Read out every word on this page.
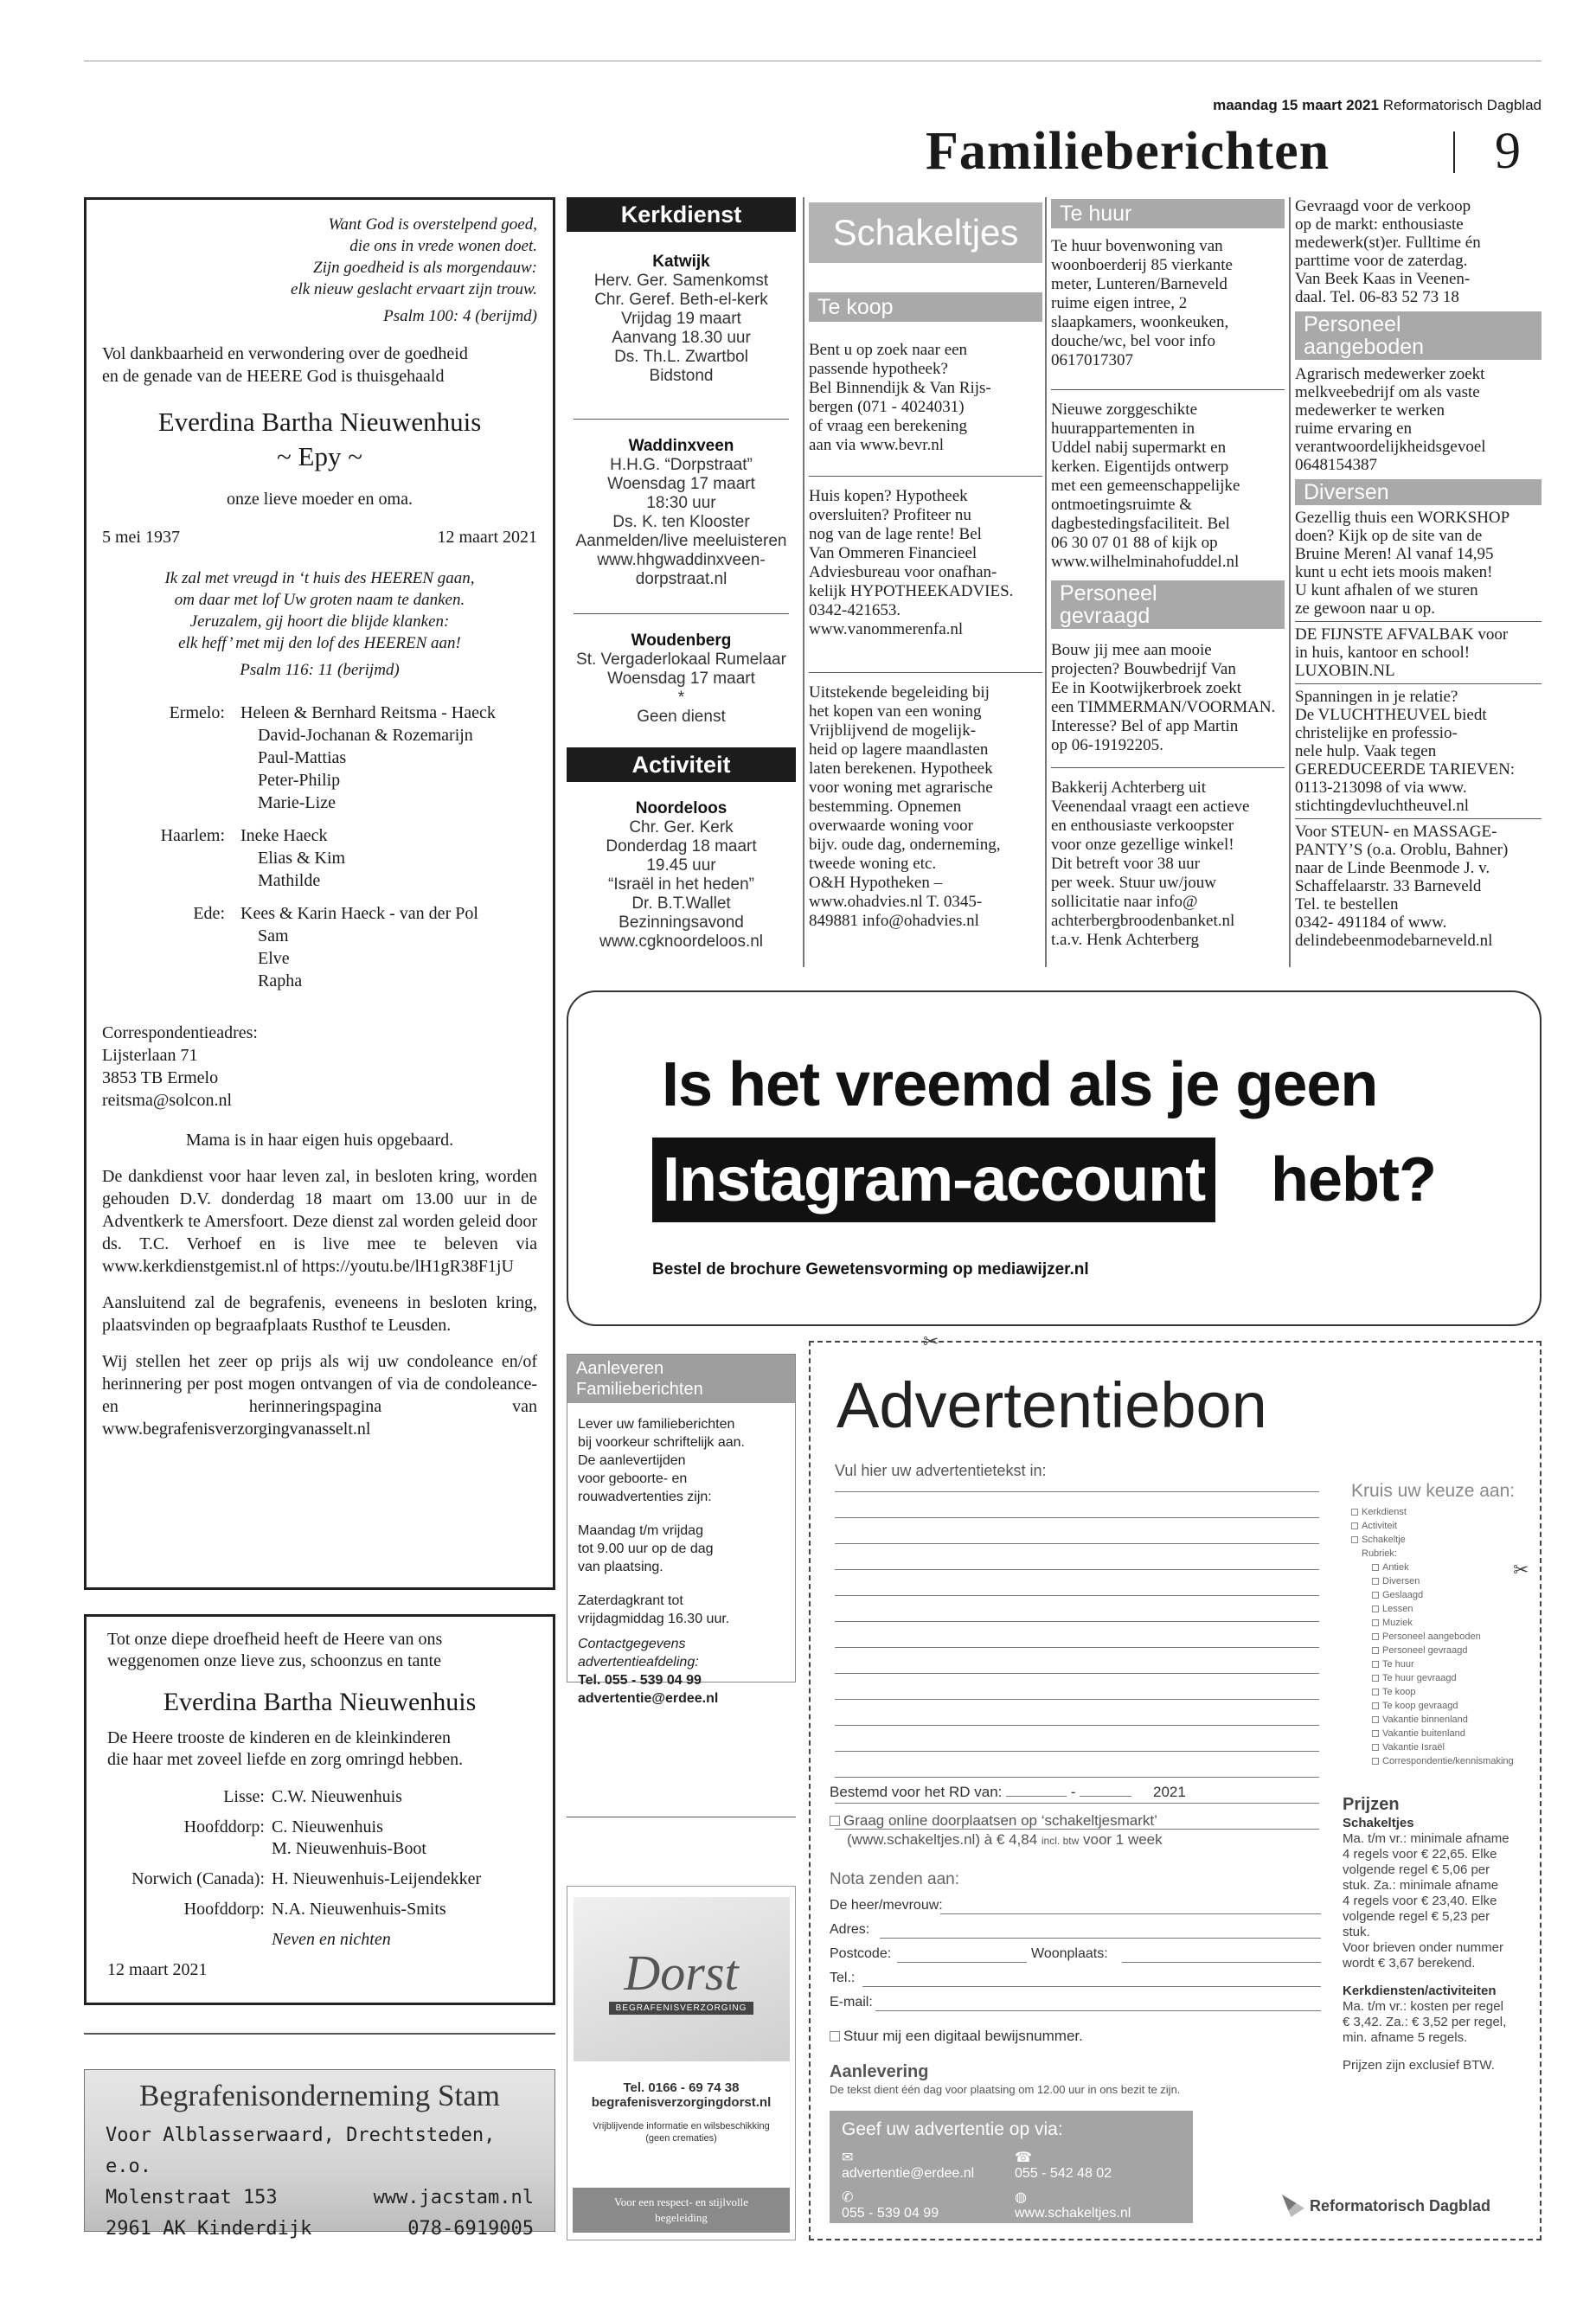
maandag 15 maart 2021 Reformatorisch Dagblad
Familieberichten	9
Want God is overstelpend goed,
die ons in vrede wonen doet.
Zijn goedheid is als morgendauw:
elk nieuw geslacht ervaart zijn trouw.
Psalm 100: 4 (berijmd)
Vol dankbaarheid en verwondering over de goedheid
en de genade van de HEERE God is thuisgehaald
Everdina Bartha Nieuwenhuis
~ Epy ~
onze lieve moeder en oma.
5 mei 1937	12 maart 2021
Ik zal met vreugd in ‘t huis des HEEREN gaan,
om daar met lof Uw groten naam te danken.
Jeruzalem, gij hoort die blijde klanken:
elk heff’ met mij den lof des HEEREN aan!
Psalm 116: 11 (berijmd)
Ermelo: Heleen & Bernhard Reitsma - Haeck
David-Jochanan & Rozemarijn
Paul-Mattias
Peter-Philip
Marie-Lize
Haarlem: Ineke Haeck
Elias & Kim
Mathilde
Ede: Kees & Karin Haeck - van der Pol
Sam
Elve
Rapha
Correspondentieadres:
Lijsterlaan 71
3853 TB Ermelo
reitsma@solcon.nl
Mama is in haar eigen huis opgebaard.
De dankdienst voor haar leven zal, in besloten kring, worden gehouden D.V. donderdag 18 maart om 13.00 uur in de Adventkerk te Amersfoort. Deze dienst zal worden geleid door ds. T.C. Verhoef en is live mee te beleven via www.kerkdienstgemist.nl of https://youtu.be/lH1gR38F1jU
Aansluitend zal de begrafenis, eveneens in besloten kring, plaatsvinden op begraafplaats Rusthof te Leusden.
Wij stellen het zeer op prijs als wij uw condoleance en/of herinnering per post mogen ontvangen of via de condoleance- en herinneringspagina van www.begrafenisverzorgingvanasselt.nl
Tot onze diepe droefheid heeft de Heere van ons
weggenomen onze lieve zus, schoonzus en tante
Everdina Bartha Nieuwenhuis
De Heere trooste de kinderen en de kleinkinderen
die haar met zoveel liefde en zorg omringd hebben.
Lisse: C.W. Nieuwenhuis
Hoofddorp: C. Nieuwenhuis
M. Nieuwenhuis-Boot
Norwich (Canada): H. Nieuwenhuis-Leijendekker
Hoofddorp: N.A. Nieuwenhuis-Smits
Neven en nichten
12 maart 2021
Begrafenisonderneming Stam
Voor Alblasserwaard, Drechtsteden, e.o.
Molenstraat 153	www.jacstam.nl
2961 AK Kinderdijk	078-6919005
Kerkdienst
Katwijk
Herv. Ger. Samenkomst
Chr. Geref. Beth-el-kerk
Vrijdag 19 maart
Aanvang 18.30 uur
Ds. Th.L. Zwartbol
Bidstond
Waddinxveen
H.H.G. “Dorpstraat”
Woensdag 17 maart
18:30 uur
Ds. K. ten Klooster
Aanmelden/live meeluisteren
www.hhgwaddinxveen-
dorpstraat.nl
Woudenberg
St. Vergaderlokaal Rumelaar
Woensdag 17 maart
*
Geen dienst
Activiteit
Noordeloos
Chr. Ger. Kerk
Donderdag 18 maart
19.45 uur
“Israël in het heden”
Dr. B.T.Wallet
Bezinningsavond
www.cgknoordeloos.nl
Schakeltjes
Te koop
Bent u op zoek naar een
passende hypotheek?
Bel Binnendijk & Van Rijs-
bergen (071 - 4024031)
of vraag een berekening
aan via www.bevr.nl
Huis kopen? Hypotheek
oversluiten? Profiteer nu
nog van de lage rente! Bel
Van Ommeren Financieel
Adviesbureau voor onafhan-
kelijk HYPOTHEEKADVIES.
0342-421653.
www.vanommerenfa.nl
Uitstekende begeleiding bij
het kopen van een woning
Vrijblijvend de mogelijk-
heid op lagere maandlasten
laten berekenen. Hypotheek
voor woning met agrarische
bestemming. Opnemen
overwaarde woning voor
bijv. oude dag, onderneming,
tweede woning etc.
O&H Hypotheken –
www.ohadvies.nl T. 0345-
849881 info@ohadvies.nl
Te huur
Te huur bovenwoning van
woonboerderij 85 vierkante
meter, Lunteren/Barneveld
ruime eigen intree, 2
slaapkamers, woonkeuken,
douche/wc, bel voor info
0617017307
Nieuwe zorggeschikte
huurappartementen in
Uddel nabij supermarkt en
kerken. Eigentijds ontwerp
met een gemeenschappelijke
ontmoetingsruimte &
dagbestedingsfaciliteit. Bel
06 30 07 01 88 of kijk op
www.wilhelminahofuddel.nl
Personeel
gevraagd
Bouw jij mee aan mooie
projecten? Bouwbedrijf Van
Ee in Kootwijkerbroek zoekt
een TIMMERMAN/VOORMAN.
Interesse? Bel of app Martin
op 06-19192205.
Bakkerij Achterberg uit
Veenendaal vraagt een actieve
en enthousiaste verkoopster
voor onze gezellige winkel!
Dit betreft voor 38 uur
per week. Stuur uw/jouw
sollicitatie naar info@
achterbergbroodenbanket.nl
t.a.v. Henk Achterberg
Gevraagd voor de verkoop
op de markt: enthousiaste
medewerk(st)er. Fulltime én
parttime voor de zaterdag.
Van Beek Kaas in Veenen-
daal. Tel. 06-83 52 73 18
Personeel
aangeboden
Agrarisch medewerker zoekt
melkveebedrijf om als vaste
medewerker te werken
ruime ervaring en
verantwoordelijkheidsgevoel
0648154387
Diversen
Gezellig thuis een WORKSHOP
doen? Kijk op de site van de
Bruine Meren! Al vanaf 14,95
kunt u echt iets moois maken!
U kunt afhalen of we sturen
ze gewoon naar u op.
DE FIJNSTE AFVALBAK voor
in huis, kantoor en school!
LUXOBIN.NL
Spanningen in je relatie?
De VLUCHTHEUVEL biedt
christelijke en professio-
nele hulp. Vaak tegen
GEREDUCEERDE TARIEVEN:
0113-213098 of via www.
stichtingdevluchtheuvel.nl
Voor STEUN- en MASSAGE-
PANTY’S (o.a. Oroblu, Bahner)
naar de Linde Beenmode J. v.
Schaffelaarstr. 33 Barneveld
Tel. te bestellen
0342- 491184 of www.
delindebeenmodebarneveld.nl
Is het vreemd als je geen
Instagram-account hebt?
Bestel de brochure Gewetensvorming op mediawijzer.nl
Aanleveren
Familieberichten
Lever uw familieberichten
bij voorkeur schriftelijk aan.
De aanlevertijden
voor geboorte- en
rouwadvertenties zijn:
Maandag t/m vrijdag
tot 9.00 uur op de dag
van plaatsing.
Zaterdagkrant tot
vrijdagmiddag 16.30 uur.
Contactgegevens
advertentieafdeling:
Tel. 055 - 539 04 99
advertentie@erdee.nl
Dorst
BEGRAFENISVERZORGING
Tel. 0166 - 69 74 38
begrafenisverzorgingdorst.nl
Vrijblijvende informatie en wilsbeschikking
(geen crematies)
Voor een respect- en stijlvolle
begeleiding
✂
✂
Advertentiebon
Vul hier uw advertentietekst in:
Kruis uw keuze aan:
Kerkdienst
Activiteit
Schakeltje
Rubriek:
Antiek
Diversen
Geslaagd
Lessen
Muziek
Personeel aangeboden
Personeel gevraagd
Te huur
Te huur gevraagd
Te koop
Te koop gevraagd
Vakantie binnenland
Vakantie buitenland
Vakantie Israël
Correspondentie/kennismaking
Bestemd voor het RD van:	-	2021
Graag online doorplaatsen op ‘schakeltjesmarkt’
(www.schakeltjes.nl) à € 4,84 incl. btw voor 1 week
Nota zenden aan:
De heer/mevrouw:
Adres:
Postcode:	Woonplaats:
Tel.:
E-mail:
Stuur mij een digitaal bewijsnummer.
Aanlevering
De tekst dient één dag voor plaatsing om 12.00 uur in ons bezit te zijn.
Geef uw advertentie op via:
✉advertentie@erdee.nl
☎055 - 542 48 02
✆055 - 539 04 99
◍www.schakeltjes.nl
Prijzen
Schakeltjes
Ma. t/m vr.: minimale afname
4 regels voor € 22,65. Elke
volgende regel € 5,06 per
stuk. Za.: minimale afname
4 regels voor € 23,40. Elke
volgende regel € 5,23 per
stuk.
Voor brieven onder nummer
wordt € 3,67 berekend.
Kerkdiensten/activiteiten
Ma. t/m vr.: kosten per regel
€ 3,42. Za.: € 3,52 per regel,
min. afname 5 regels.
Prijzen zijn exclusief BTW.
Reformatorisch Dagblad
